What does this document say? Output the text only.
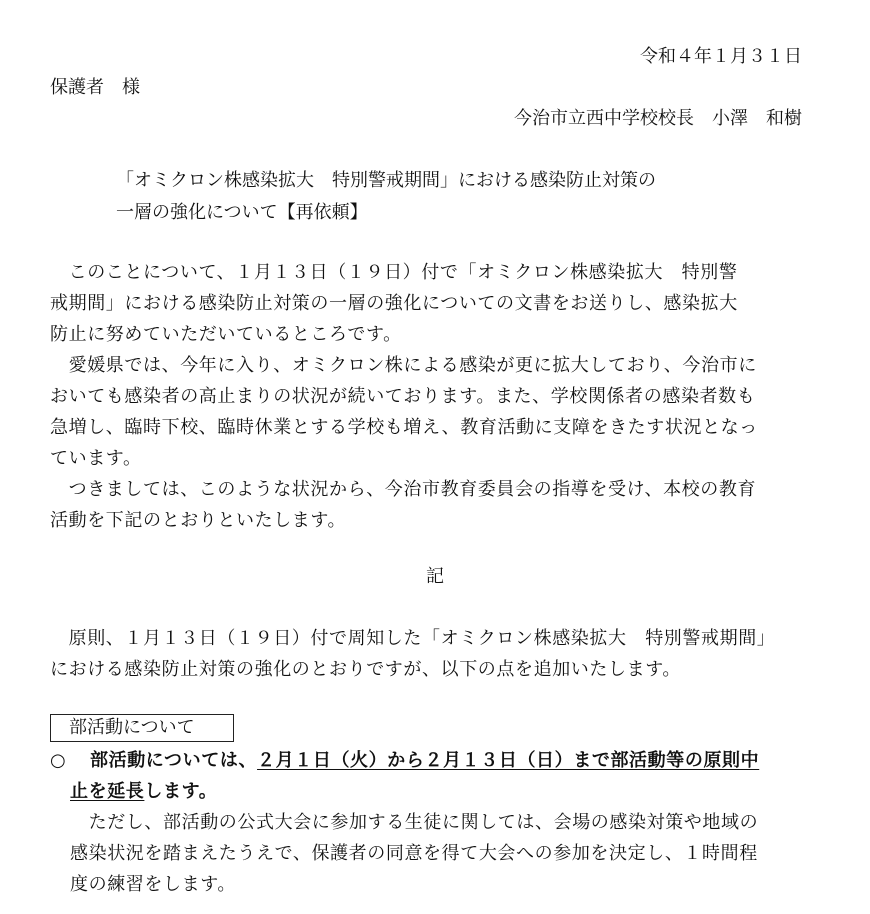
令和４年１月３１日
保護者　様
今治市立西中学校校長　小澤　和樹
「オミクロン株感染拡大　特別警戒期間」における感染防止対策の
一層の強化について【再依頼】
　このことについて、１月１３日（１９日）付で「オミクロン株感染拡大　特別警
戒期間」における感染防止対策の一層の強化についての文書をお送りし、感染拡大
防止に努めていただいているところです。
　愛媛県では、今年に入り、オミクロン株による感染が更に拡大しており、今治市に
おいても感染者の高止まりの状況が続いております。また、学校関係者の感染者数も
急増し、臨時下校、臨時休業とする学校も増え、教育活動に支障をきたす状況となっ
ています。
　つきましては、このような状況から、今治市教育委員会の指導を受け、本校の教育
活動を下記のとおりといたします。
記
　原則、１月１３日（１９日）付で周知した「オミクロン株感染拡大　特別警戒期間」
における感染防止対策の強化のとおりですが、以下の点を追加いたします。
部活動について
○ 部活動については、２月１日（火）から２月１３日（日）まで部活動等の原則中
止を延長します。
　ただし、部活動の公式大会に参加する生徒に関しては、会場の感染対策や地域の
感染状況を踏まえたうえで、保護者の同意を得て大会への参加を決定し、１時間程
度の練習をします。
